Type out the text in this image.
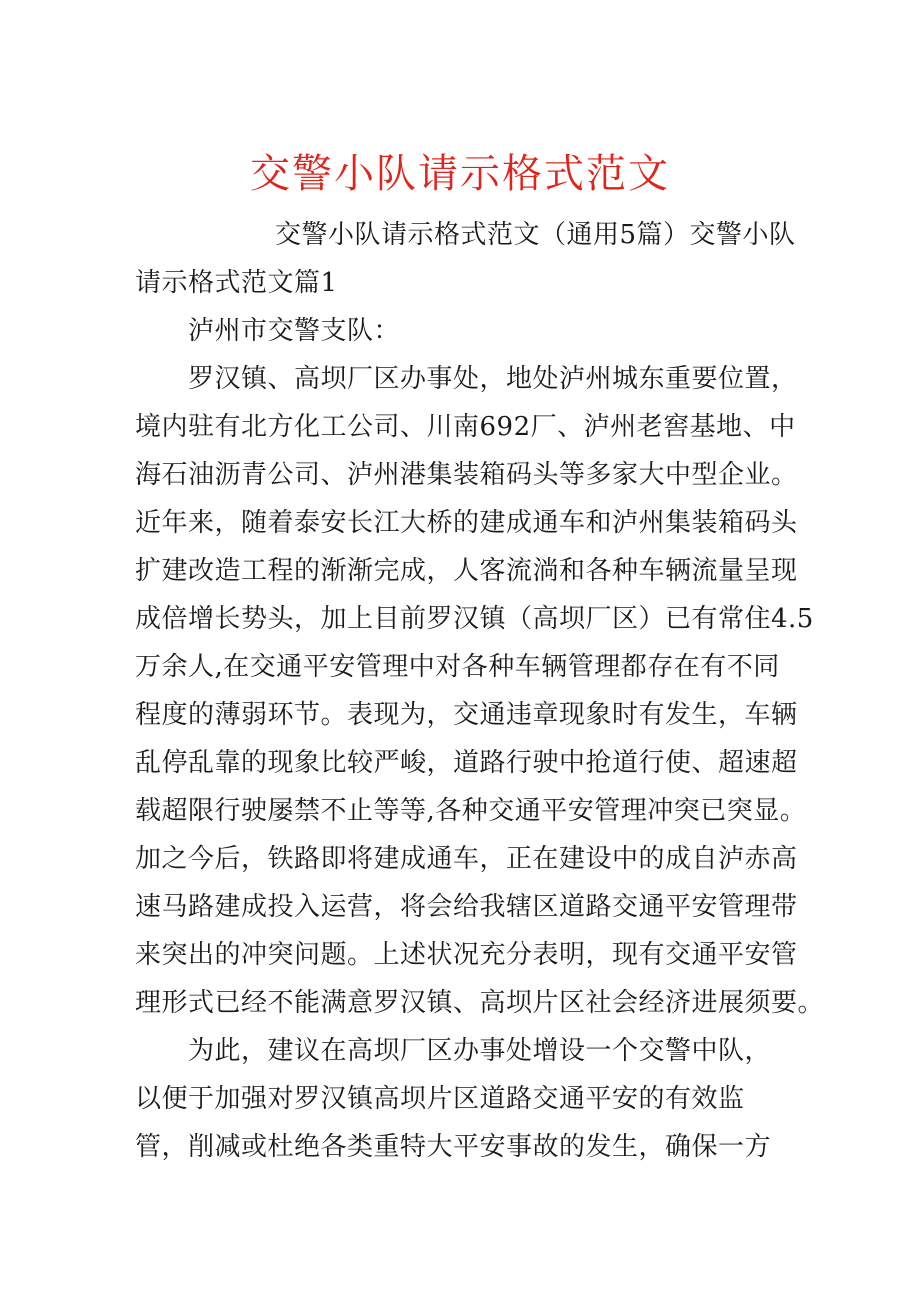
交警小队请示格式范文
交警小队请示格式范文（通用5篇）交警小队
请示格式范文篇1
泸州市交警支队：
罗汉镇、高坝厂区办事处，地处泸州城东重要位置，
境内驻有北方化工公司、川南692厂、泸州老窖基地、中
海石油沥青公司、泸州港集装箱码头等多家大中型企业。
近年来，随着泰安长江大桥的建成通车和泸州集装箱码头
扩建改造工程的渐渐完成，人客流淌和各种车辆流量呈现
成倍增长势头，加上目前罗汉镇（高坝厂区）已有常住4.5
万余人,在交通平安管理中对各种车辆管理都存在有不同
程度的薄弱环节。表现为，交通违章现象时有发生，车辆
乱停乱靠的现象比较严峻，道路行驶中抢道行使、超速超
载超限行驶屡禁不止等等,各种交通平安管理冲突已突显。
加之今后，铁路即将建成通车，正在建设中的成自泸赤高
速马路建成投入运营，将会给我辖区道路交通平安管理带
来突出的冲突问题。上述状况充分表明，现有交通平安管
理形式已经不能满意罗汉镇、高坝片区社会经济进展须要。
为此，建议在高坝厂区办事处增设一个交警中队，
以便于加强对罗汉镇高坝片区道路交通平安的有效监
管，削减或杜绝各类重特大平安事故的发生，确保一方
